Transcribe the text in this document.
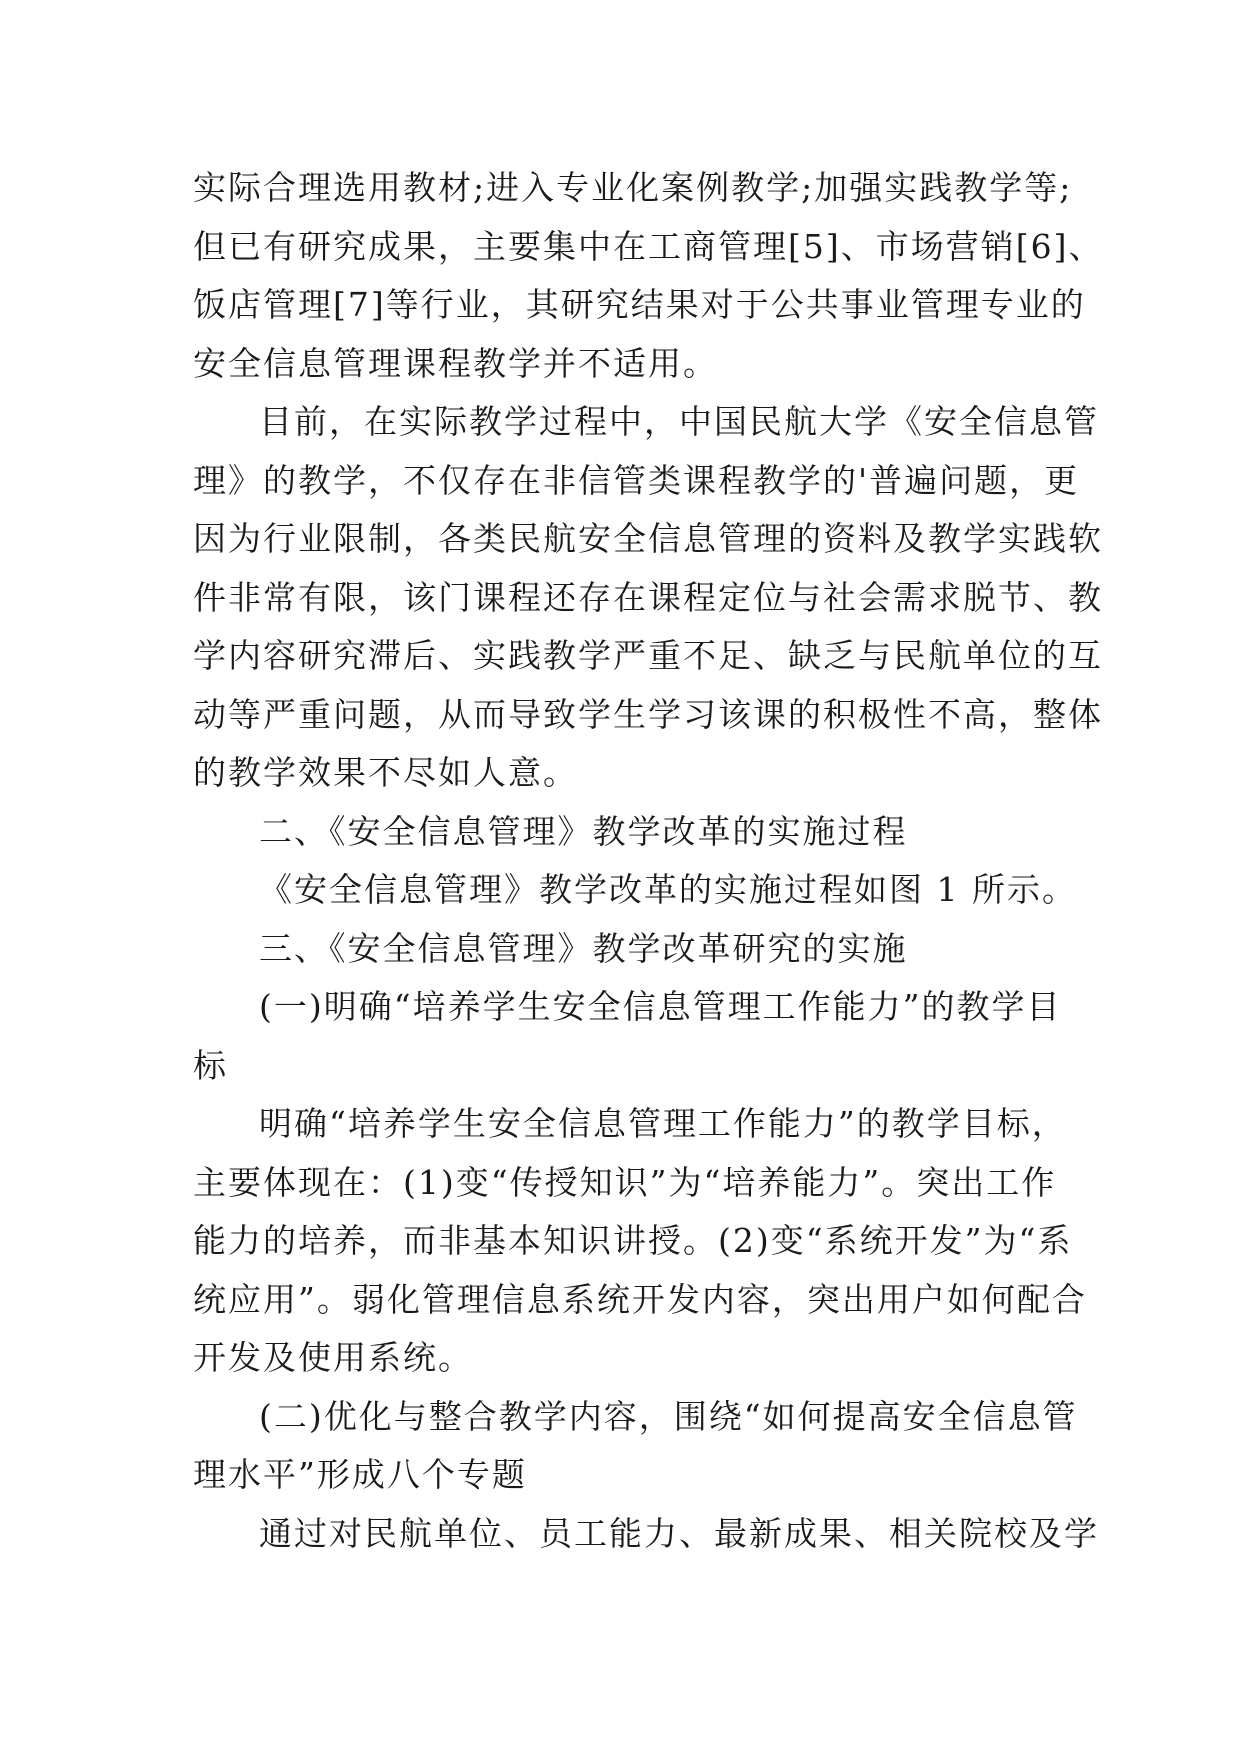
实际合理选用教材;进入专业化案例教学;加强实践教学等;
但已有研究成果，主要集中在工商管理[5]、市场营销[6]、
饭店管理[7]等行业，其研究结果对于公共事业管理专业的
安全信息管理课程教学并不适用。
目前，在实际教学过程中，中国民航大学《安全信息管
理》的教学，不仅存在非信管类课程教学的'普遍问题，更
因为行业限制，各类民航安全信息管理的资料及教学实践软
件非常有限，该门课程还存在课程定位与社会需求脱节、教
学内容研究滞后、实践教学严重不足、缺乏与民航单位的互
动等严重问题，从而导致学生学习该课的积极性不高，整体
的教学效果不尽如人意。
二、《安全信息管理》教学改革的实施过程
《安全信息管理》教学改革的实施过程如图 1 所示。
三、《安全信息管理》教学改革研究的实施
(一)明确“培养学生安全信息管理工作能力”的教学目
标
明确“培养学生安全信息管理工作能力”的教学目标，
主要体现在：(1)变“传授知识”为“培养能力”。突出工作
能力的培养，而非基本知识讲授。(2)变“系统开发”为“系
统应用”。弱化管理信息系统开发内容，突出用户如何配合
开发及使用系统。
(二)优化与整合教学内容，围绕“如何提高安全信息管
理水平”形成八个专题
通过对民航单位、员工能力、最新成果、相关院校及学
